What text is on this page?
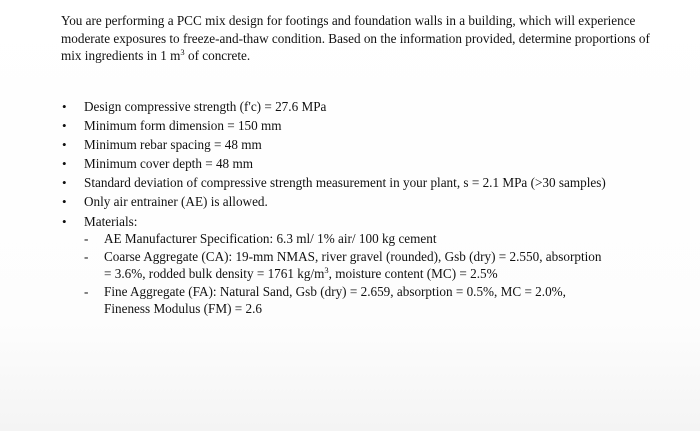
You are performing a PCC mix design for footings and foundation walls in a building, which will experience moderate exposures to freeze-and-thaw condition. Based on the information provided, determine proportions of mix ingredients in 1 $m^3$ of concrete.

• Design compressive strength (f'c) = 27.6 MPa
• Minimum form dimension = 150 mm
• Minimum rebar spacing = 48 mm
• Minimum cover depth = 48 mm
• Standard deviation of compressive strength measurement in your plant, s = 2.1 MPa (>30 samples)
• Only air entrainer (AE) is allowed.
• Materials:
- AE Manufacturer Specification: 6.3 ml/ 1% air/ 100 kg cement
- Coarse Aggregate (CA): 19-mm NMAS, river gravel (rounded), Gsb (dry) = 2.550, absorption = 3.6%, rodded bulk density = 1761 $kg/m^3$, moisture content (MC) = 2.5%
- Fine Aggregate (FA): Natural Sand, Gsb (dry) = 2.659, absorption = 0.5%, MC = 2.0%, Fineness Modulus (FM) = 2.6
